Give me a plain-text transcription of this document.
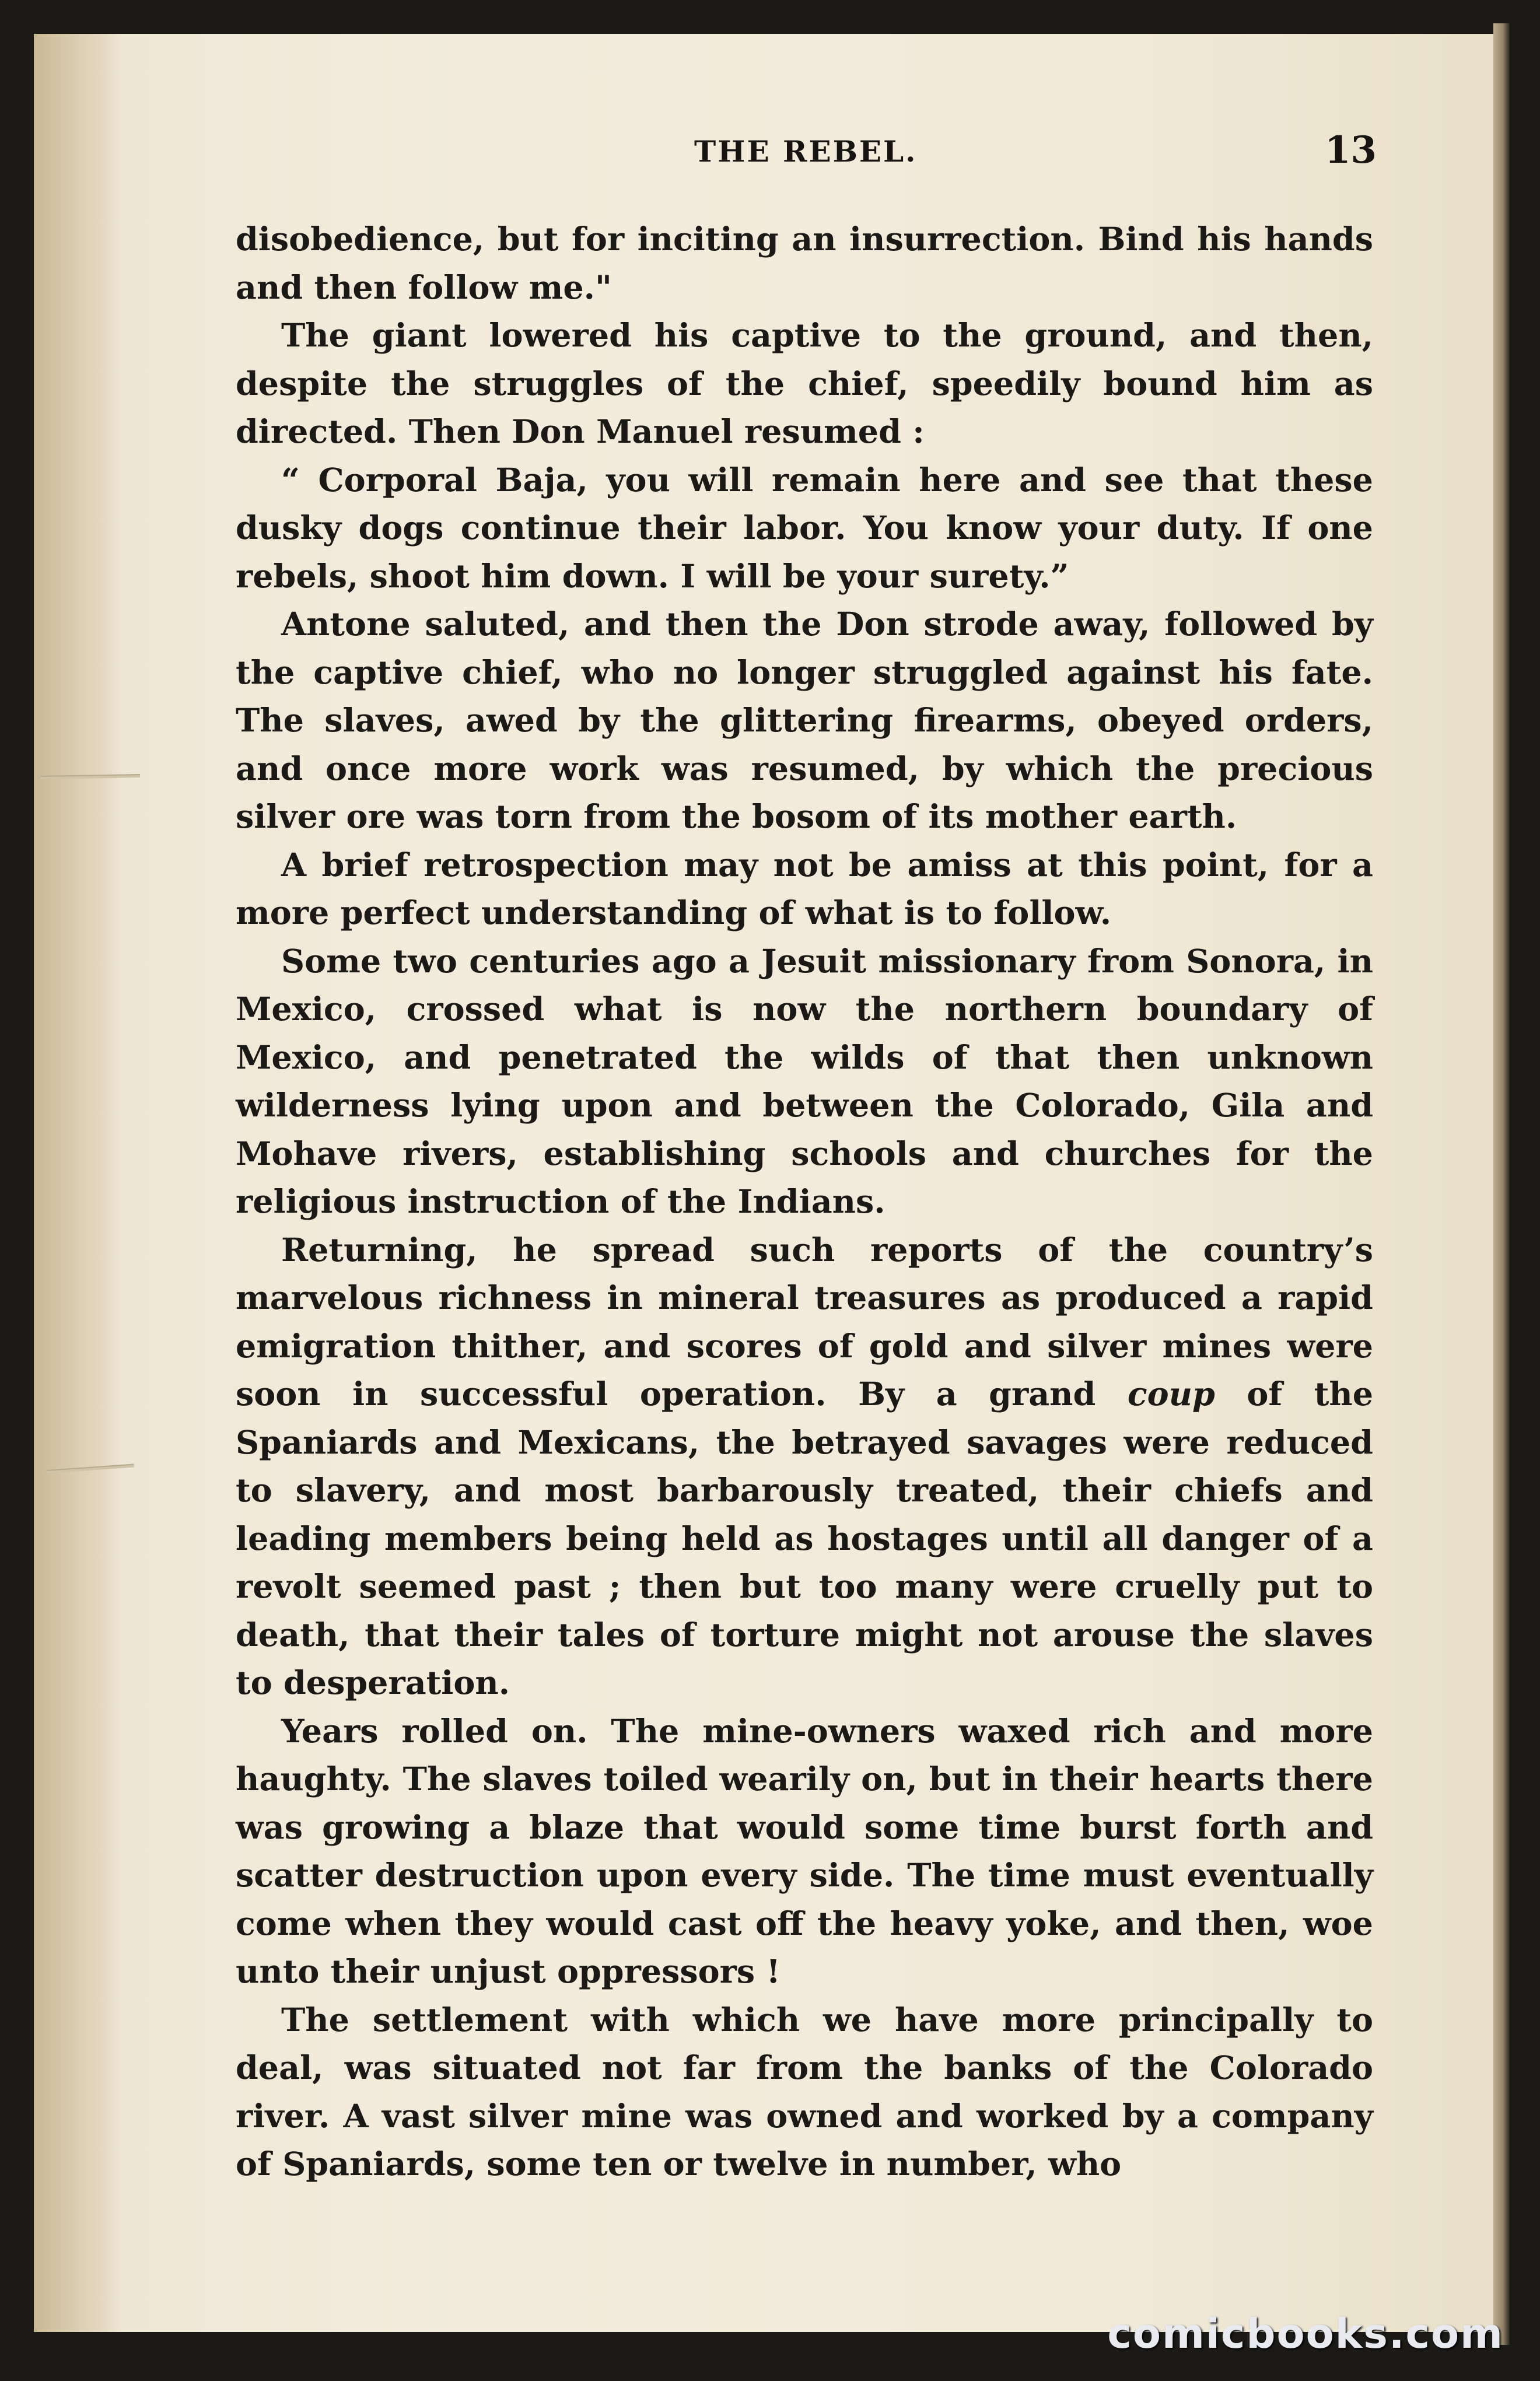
THE REBEL.	13

disobedience, but for inciting an insurrection. Bind his hands and then follow me."

The giant lowered his captive to the ground, and then, despite the struggles of the chief, speedily bound him as directed. Then Don Manuel resumed :

“ Corporal Baja, you will remain here and see that these dusky dogs continue their labor. You know your duty. If one rebels, shoot him down. I will be your surety.”

Antone saluted, and then the Don strode away, followed by the captive chief, who no longer struggled against his fate. The slaves, awed by the glittering firearms, obeyed orders, and once more work was resumed, by which the precious silver ore was torn from the bosom of its mother earth.

A brief retrospection may not be amiss at this point, for a more perfect understanding of what is to follow.

Some two centuries ago a Jesuit missionary from Sonora, in Mexico, crossed what is now the northern boundary of Mexico, and penetrated the wilds of that then unknown wilderness lying upon and between the Colorado, Gila and Mohave rivers, establishing schools and churches for the religious instruction of the Indians.

Returning, he spread such reports of the country’s marvelous richness in mineral treasures as produced a rapid emigration thither, and scores of gold and silver mines were soon in successful operation. By a grand coup of the Spaniards and Mexicans, the betrayed savages were reduced to slavery, and most barbarously treated, their chiefs and leading members being held as hostages until all danger of a revolt seemed past ; then but too many were cruelly put to death, that their tales of torture might not arouse the slaves to desperation.

Years rolled on. The mine-owners waxed rich and more haughty. The slaves toiled wearily on, but in their hearts there was growing a blaze that would some time burst forth and scatter destruction upon every side. The time must eventually come when they would cast off the heavy yoke, and then, woe unto their unjust oppressors !

The settlement with which we have more principally to deal, was situated not far from the banks of the Colorado river. A vast silver mine was owned and worked by a company of Spaniards, some ten or twelve in number, who

comicbooks.com
